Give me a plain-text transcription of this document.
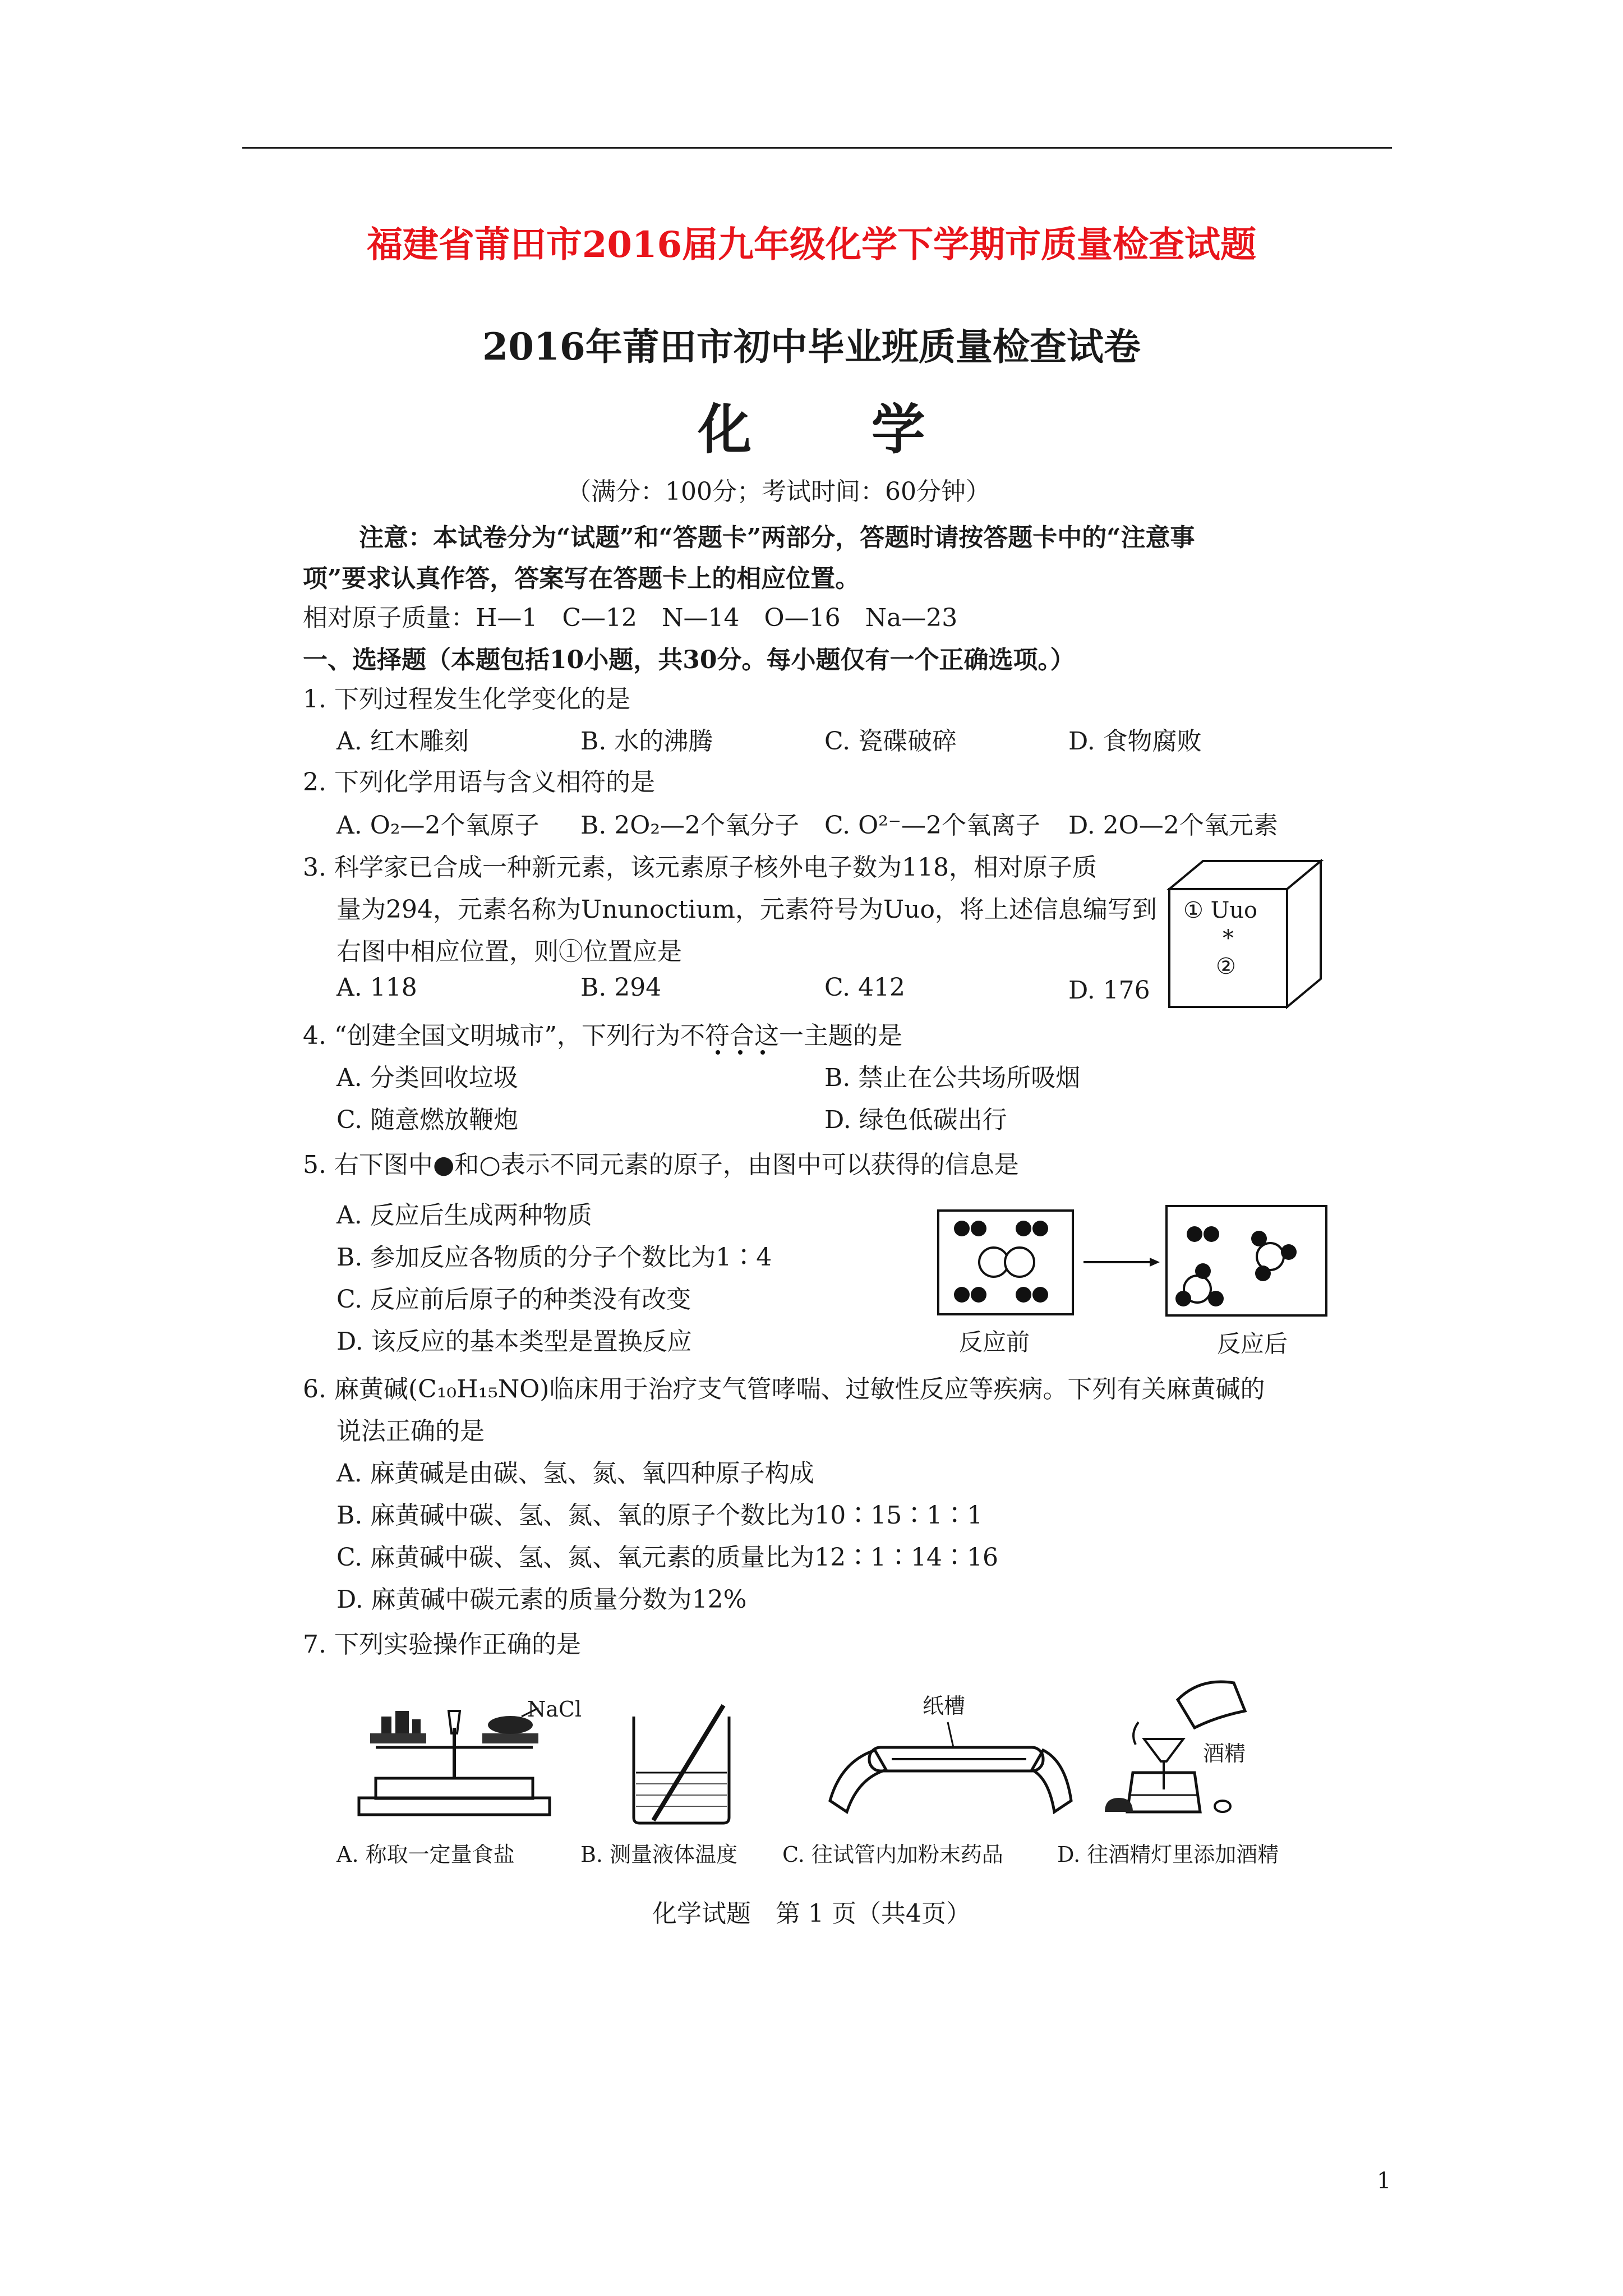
福建省莆田市2016届九年级化学下学期市质量检查试题
2016年莆田市初中毕业班质量检查试卷
化 学
（满分：100分；考试时间：60分钟）
注意：本试卷分为“试题”和“答题卡”两部分，答题时请按答题卡中的“注意事
项”要求认真作答，答案写在答题卡上的相应位置。
相对原子质量：H—1　C—12　N—14　O—16　Na—23
一、选择题（本题包括10小题，共30分。每小题仅有一个正确选项。）
1. 下列过程发生化学变化的是
A. 红木雕刻	B. 水的沸腾	C. 瓷碟破碎	D. 食物腐败
2. 下列化学用语与含义相符的是
A. O₂—2个氧原子 B. 2O₂—2个氧分子 C. O²⁻—2个氧离子 D. 2O—2个氧元素
3. 科学家已合成一种新元素，该元素原子核外电子数为118，相对原子质
量为294，元素名称为Ununoctium，元素符号为Uuo，将上述信息编写到
右图中相应位置，则①位置应是
A. 118	B. 294	C. 412	D. 176
① Uuo
*
②
4. “创建全国文明城市”，下列行为不符合这一主题的是
A. 分类回收垃圾	B. 禁止在公共场所吸烟
C. 随意燃放鞭炮	D. 绿色低碳出行
5. 右下图中●和○表示不同元素的原子，由图中可以获得的信息是
A. 反应后生成两种物质
B. 参加反应各物质的分子个数比为1∶4
C. 反应前后原子的种类没有改变
D. 该反应的基本类型是置换反应	反应前	反应后
6. 麻黄碱(C₁₀H₁₅NO)临床用于治疗支气管哮喘、过敏性反应等疾病。下列有关麻黄碱的
说法正确的是
A. 麻黄碱是由碳、氢、氮、氧四种原子构成
B. 麻黄碱中碳、氢、氮、氧的原子个数比为10∶15∶1∶1
C. 麻黄碱中碳、氢、氮、氧元素的质量比为12∶1∶14∶16
D. 麻黄碱中碳元素的质量分数为12%
7. 下列实验操作正确的是
NaCl	纸槽
酒精
A. 称取一定量食盐	B. 测量液体温度 C. 往试管内加粉末药品	D. 往酒精灯里添加酒精
化学试题　第 1 页（共4页）
1
